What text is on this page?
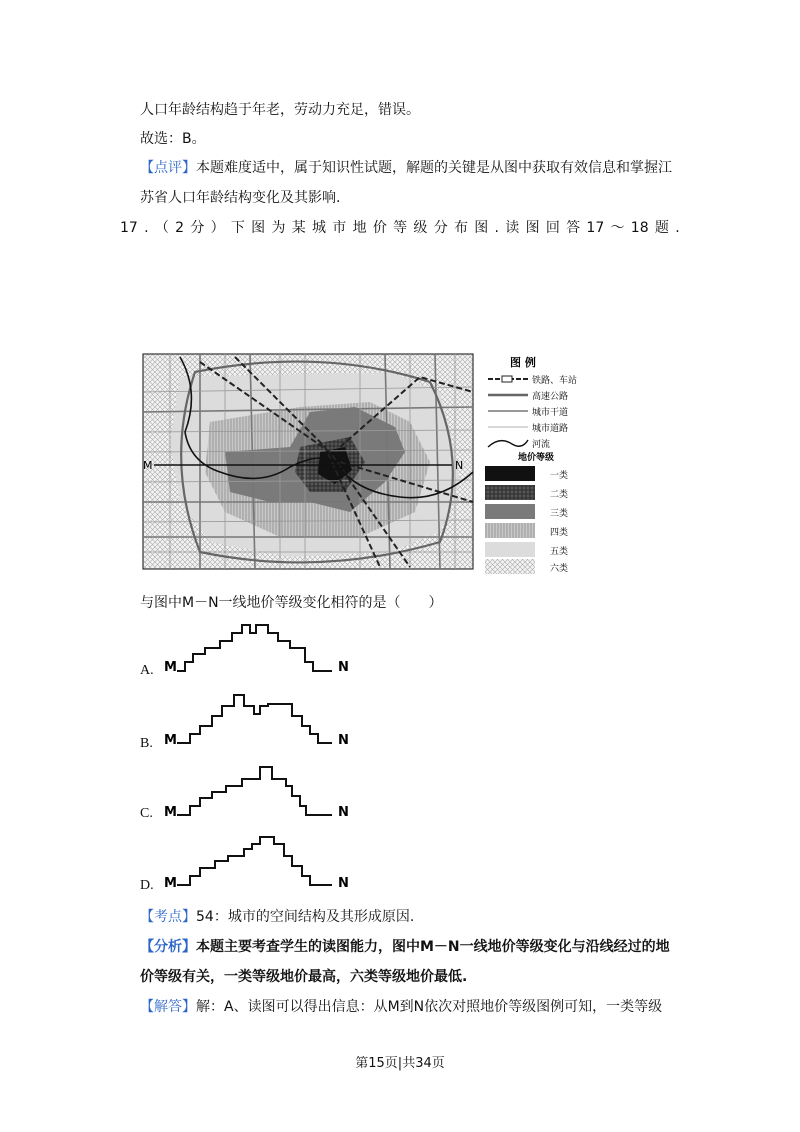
人口年龄结构趋于年老，劳动力充足，错误。
故选：B。
【点评】本题难度适中，属于知识性试题，解题的关键是从图中获取有效信息和掌握江
苏省人口年龄结构变化及其影响.
17 . （ 2 分 ） 下 图 为 某 城 市 地 价 等 级 分 布 图 . 读 图 回 答 17 ～ 18 题 .
M	N
图 例
铁路、车站
高速公路
城市干道
城市道路
河流
地价等级
一类
二类
三类
四类
五类
六类
与图中M－N一线地价等级变化相符的是（　　）
A. M	N
B. M	N
C. M	N
D. M	N
【考点】54：城市的空间结构及其形成原因.
【分析】本题主要考查学生的读图能力，图中M－N一线地价等级变化与沿线经过的地
价等级有关，一类等级地价最高，六类等级地价最低.
【解答】解：A、读图可以得出信息：从M到N依次对照地价等级图例可知，一类等级
第15页|共34页
